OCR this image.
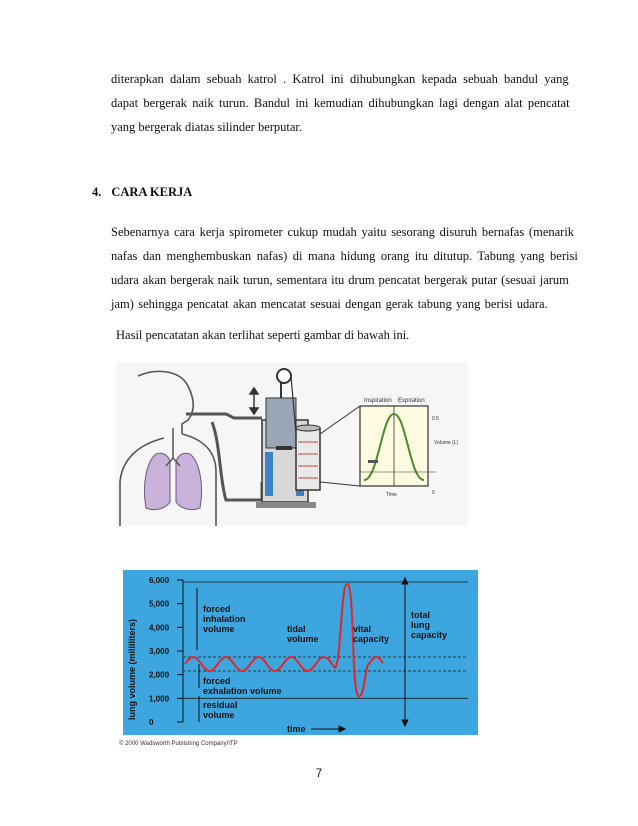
diterapkan dalam sebuah katrol . Katrol ini dihubungkan kepada sebuah bandul yang
dapat bergerak naik turun. Bandul ini kemudian dihubungkan lagi dengan alat pencatat
yang bergerak diatas silinder berputar.
4. CARA KERJA
Sebenarnya cara kerja spirometer cukup mudah yaitu sesorang disuruh bernafas (menarik
nafas dan menghembuskan nafas) di mana hidung orang itu ditutup. Tabung yang berisi
udara akan bergerak naik turun, sementara itu drum pencatat bergerak putar (sesuai jarum
jam) sehingga pencatat akan mencatat sesuai dengan gerak tabung yang berisi udara.
Hasil pencatatan akan terlihat seperti gambar di bawah ini.
Inspiration Expiration
Volume (L)
Time
0.5
0
6,000
5,000
4,000
3,000
2,000
1,000
0
lung volume (milliliters)
forced
inhalation
volume	tidal
volume
vital
capacity
total
lung
capacity
forced
exhalation volume
residual
volume
time
© 2000 Wadsworth Publishing Company/ITP
7
